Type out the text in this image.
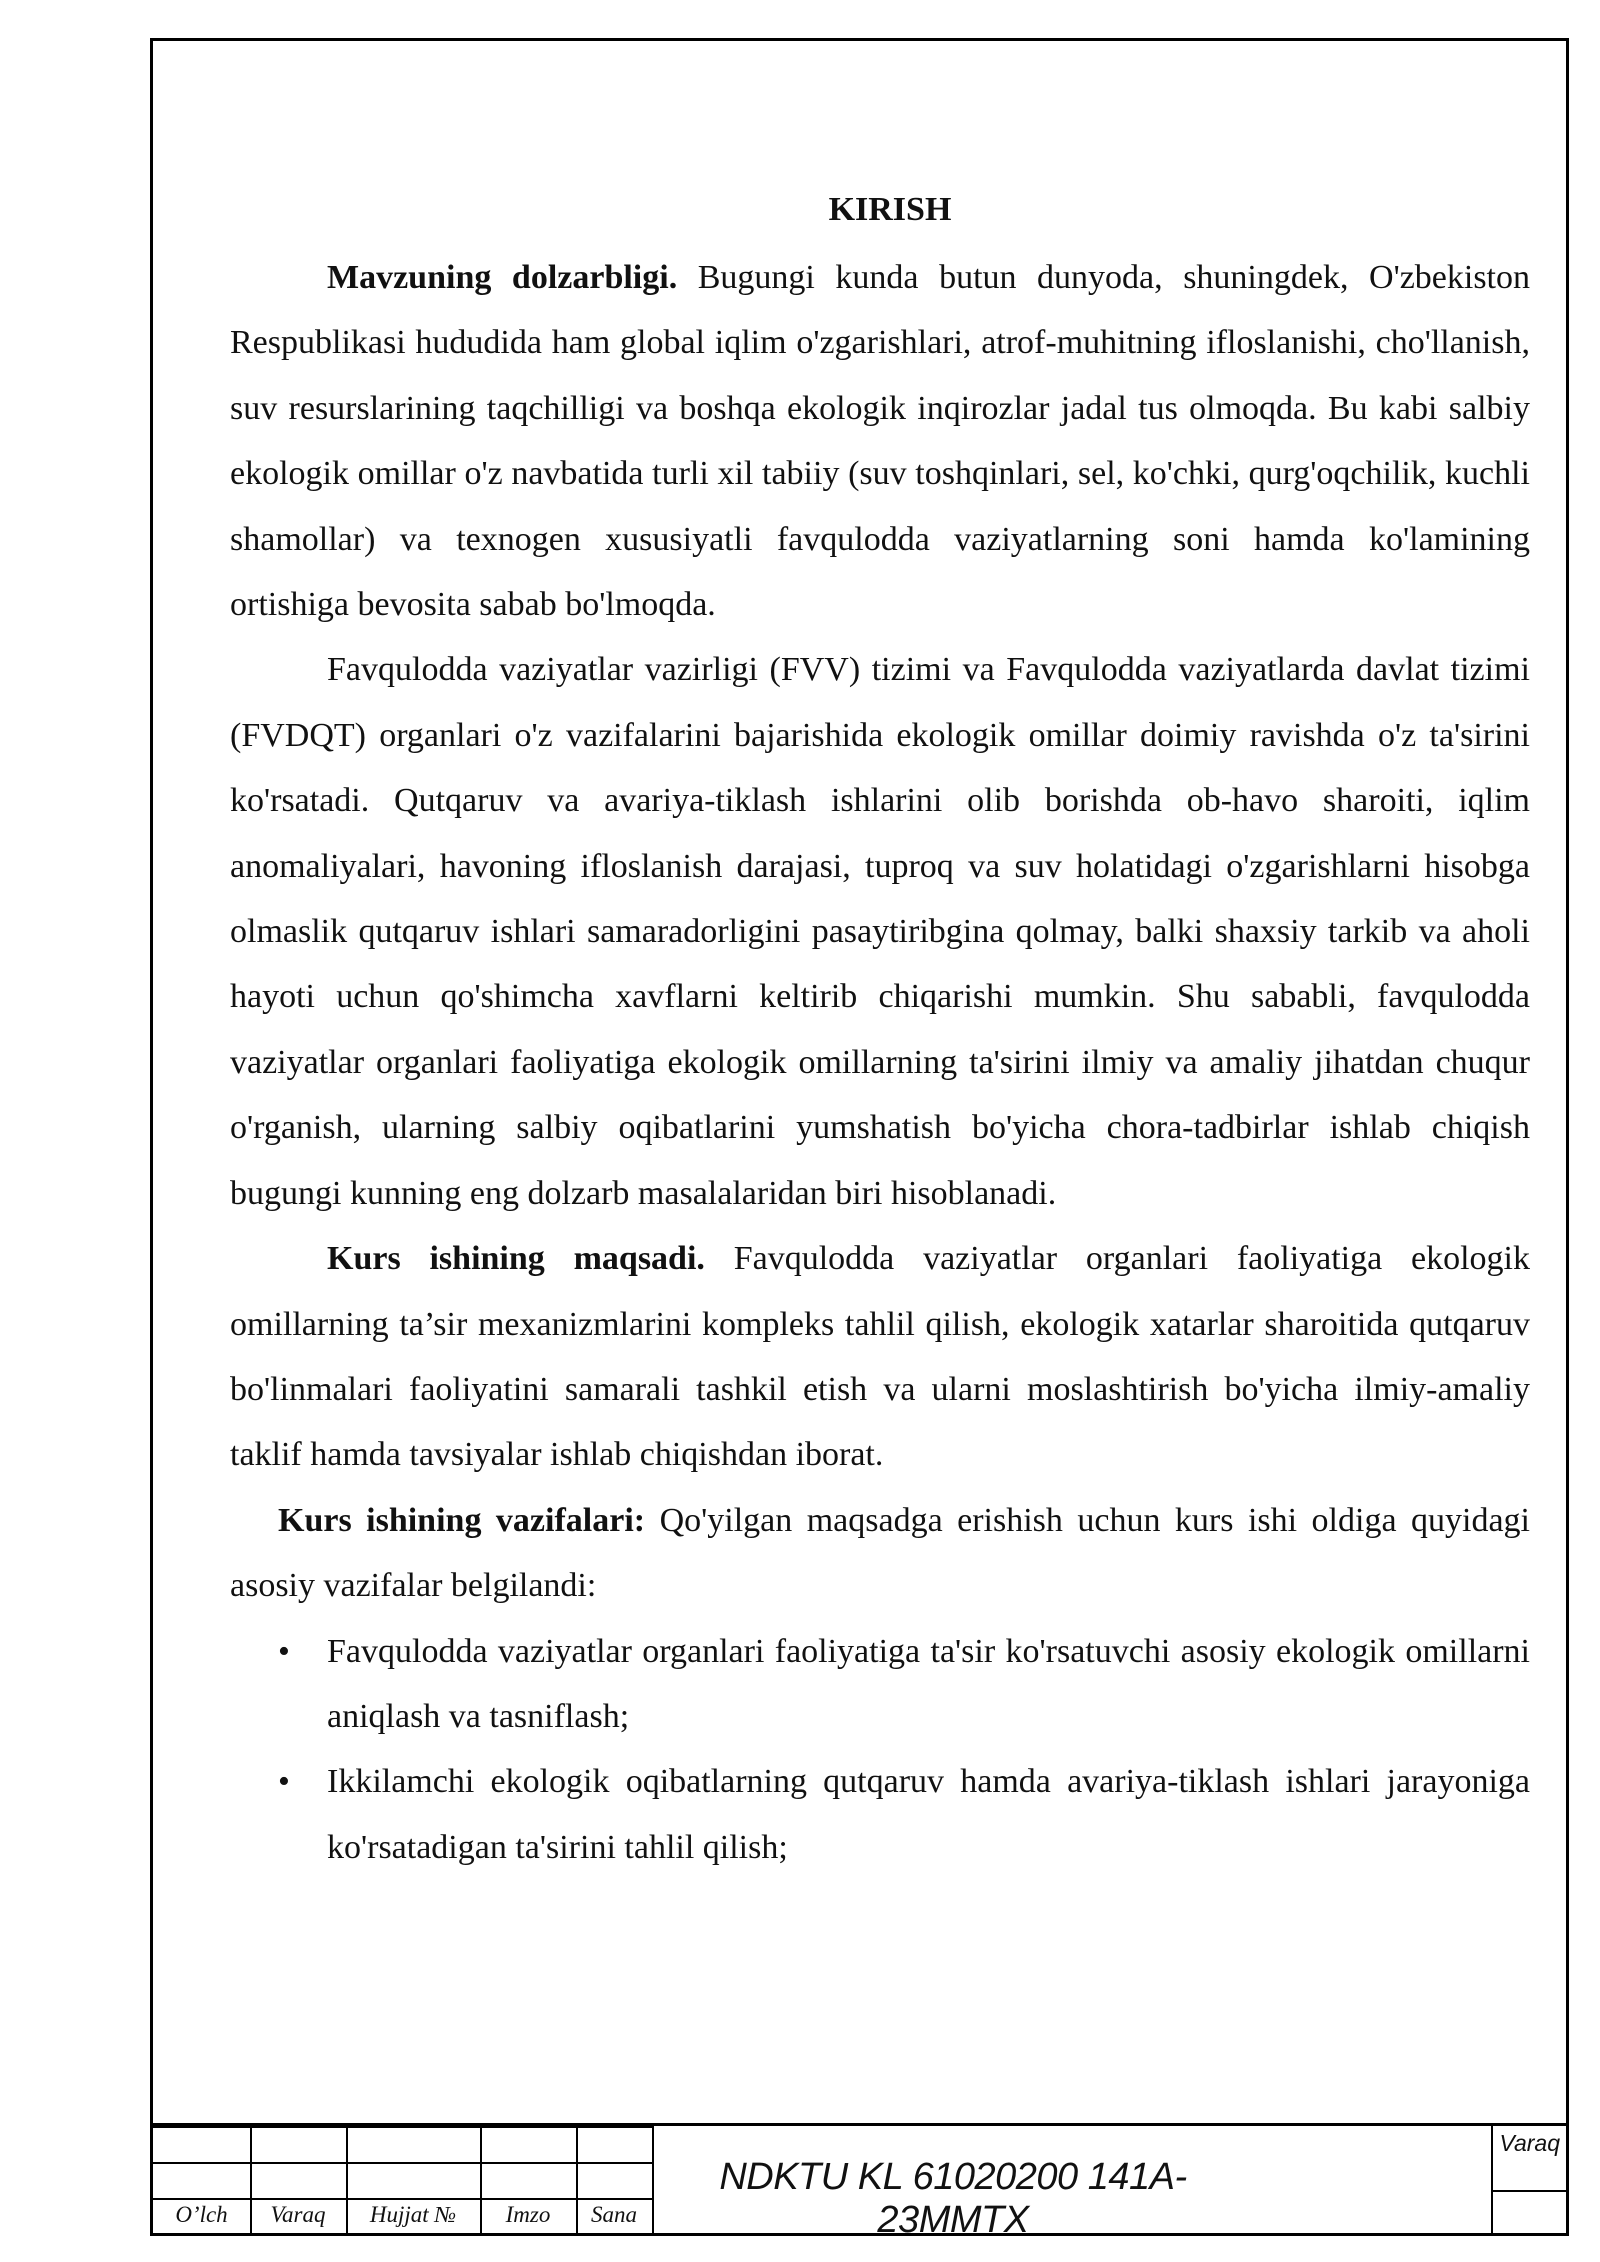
KIRISH

Mavzuning dolzarbligi. Bugungi kunda butun dunyoda, shuningdek, O'zbekiston Respublikasi hududida ham global iqlim o'zgarishlari, atrof-muhitning ifloslanishi, cho'llanish, suv resurslarining taqchilligi va boshqa ekologik inqirozlar jadal tus olmoqda. Bu kabi salbiy ekologik omillar o'z navbatida turli xil tabiiy (suv toshqinlari, sel, ko'chki, qurg'oqchilik, kuchli shamollar) va texnogen xususiyatli favqulodda vaziyatlarning soni hamda ko'lamining ortishiga bevosita sabab bo'lmoqda.

Favqulodda vaziyatlar vazirligi (FVV) tizimi va Favqulodda vaziyatlarda davlat tizimi (FVDQT) organlari o'z vazifalarini bajarishida ekologik omillar doimiy ravishda o'z ta'sirini ko'rsatadi. Qutqaruv va avariya-tiklash ishlarini olib borishda ob-havo sharoiti, iqlim anomaliyalari, havoning ifloslanish darajasi, tuproq va suv holatidagi o'zgarishlarni hisobga olmaslik qutqaruv ishlari samaradorligini pasaytiribgina qolmay, balki shaxsiy tarkib va aholi hayoti uchun qo'shimcha xavflarni keltirib chiqarishi mumkin. Shu sababli, favqulodda vaziyatlar organlari faoliyatiga ekologik omillarning ta'sirini ilmiy va amaliy jihatdan chuqur o'rganish, ularning salbiy oqibatlarini yumshatish bo'yicha chora-tadbirlar ishlab chiqish bugungi kunning eng dolzarb masalalaridan biri hisoblanadi.

Kurs ishining maqsadi. Favqulodda vaziyatlar organlari faoliyatiga ekologik omillarning ta’sir mexanizmlarini kompleks tahlil qilish, ekologik xatarlar sharoitida qutqaruv bo'linmalari faoliyatini samarali tashkil etish va ularni moslashtirish bo'yicha ilmiy-amaliy taklif hamda tavsiyalar ishlab chiqishdan iborat.

Kurs ishining vazifalari: Qo'yilgan maqsadga erishish uchun kurs ishi oldiga quyidagi asosiy vazifalar belgilandi:

• Favqulodda vaziyatlar organlari faoliyatiga ta'sir ko'rsatuvchi asosiy ekologik omillarni aniqlash va tasniflash;
• Ikkilamchi ekologik oqibatlarning qutqaruv hamda avariya-tiklash ishlari jarayoniga ko'rsatadigan ta'sirini tahlil qilish;
O’lch	Varaq	Hujjat №	Imzo	Sana
NDKTU KL 61020200 141A-23MMTX
Varaq
